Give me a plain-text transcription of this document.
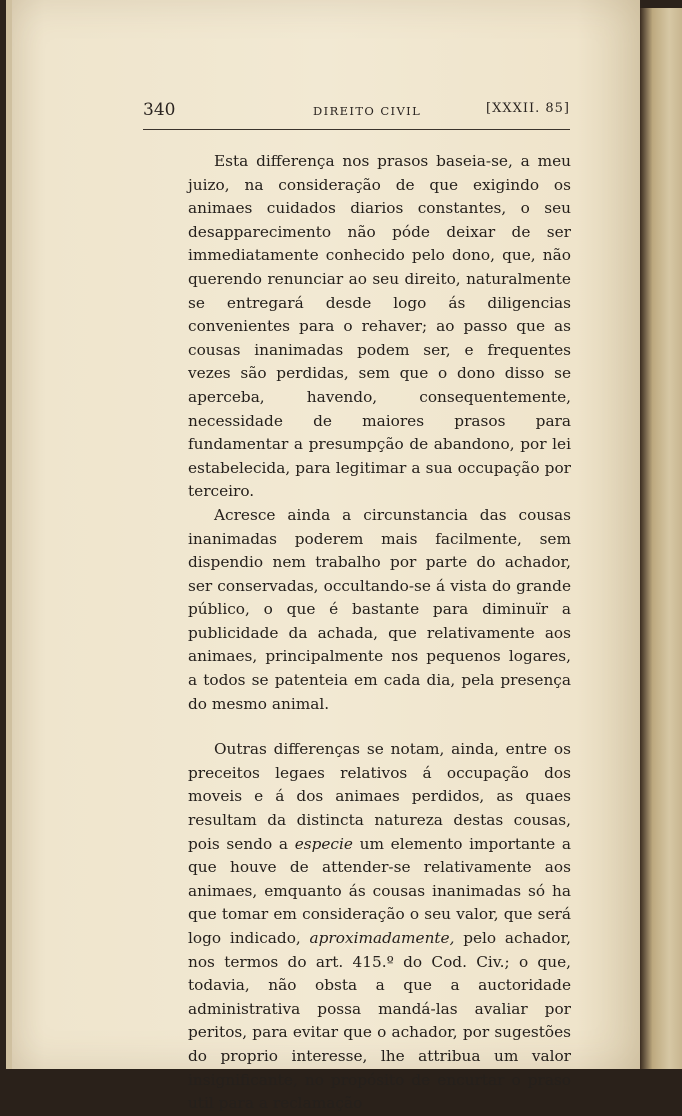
340	DIREITO CIVIL	[XXXII. 85]

Esta differença nos prasos baseia-se, a meu juizo, na consideração de que exigindo os animaes cuidados diarios constantes, o seu desapparecimento não póde deixar de ser immediatamente conhecido pelo dono, que, não querendo renunciar ao seu direito, naturalmente se entregará desde logo ás diligencias convenientes para o rehaver; ao passo que as cousas inanimadas podem ser, e frequentes vezes são perdidas, sem que o dono disso se aperceba, havendo, consequentemente, necessidade de maiores prasos para fundamentar a presumpção de abandono, por lei estabelecida, para legitimar a sua occupação por terceiro.

Acresce ainda a circunstancia das cousas inanimadas poderem mais facilmente, sem dispendio nem trabalho por parte do achador, ser conservadas, occultando-se á vista do grande público, o que é bastante para diminuïr a publicidade da achada, que relativamente aos animaes, principalmente nos pequenos logares, a todos se patenteia em cada dia, pela presença do mesmo animal.

Outras differenças se notam, ainda, entre os preceitos legaes relativos á occupação dos moveis e á dos animaes perdidos, as quaes resultam da distincta natureza destas cousas, pois sendo a especie um elemento importante a que houve de attender-se relativamente aos animaes, emquanto ás cousas inanimadas só ha que tomar em consideração o seu valor, que será logo indicado, aproximadamente, pelo achador, nos termos do art. 415.º do Cod. Civ.; o que, todavia, não obsta a que a auctoridade administrativa possa mandá-las avaliar por peritos, para evitar que o achador, por sugestões do proprio interesse, lhe attribua um valor insignificante, no propósito de encurtar o praso util para a reclamação
